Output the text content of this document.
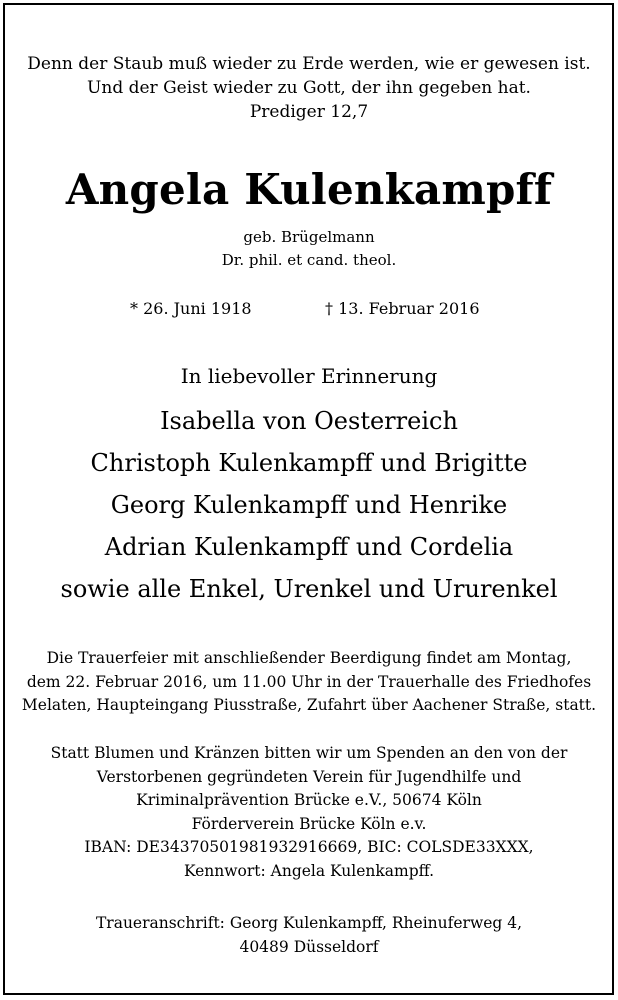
Denn der Staub muß wieder zu Erde werden, wie er gewesen ist.
Und der Geist wieder zu Gott, der ihn gegeben hat.
Prediger 12,7
Angela Kulenkampff
geb. Brügelmann
Dr. phil. et cand. theol.
* 26. Juni 1918	† 13. Februar 2016
In liebevoller Erinnerung
Isabella von Oesterreich
Christoph Kulenkampff und Brigitte
Georg Kulenkampff und Henrike
Adrian Kulenkampff und Cordelia
sowie alle Enkel, Urenkel und Ururenkel
Die Trauerfeier mit anschließender Beerdigung findet am Montag,
dem 22. Februar 2016, um 11.00 Uhr in der Trauerhalle des Friedhofes
Melaten, Haupteingang Piusstraße, Zufahrt über Aachener Straße, statt.
Statt Blumen und Kränzen bitten wir um Spenden an den von der
Verstorbenen gegründeten Verein für Jugendhilfe und
Kriminalprävention Brücke e.V., 50674 Köln
Förderverein Brücke Köln e.v.
IBAN: DE34370501981932916669, BIC: COLSDE33XXX,
Kennwort: Angela Kulenkampff.
Traueranschrift: Georg Kulenkampff, Rheinuferweg 4,
40489 Düsseldorf
